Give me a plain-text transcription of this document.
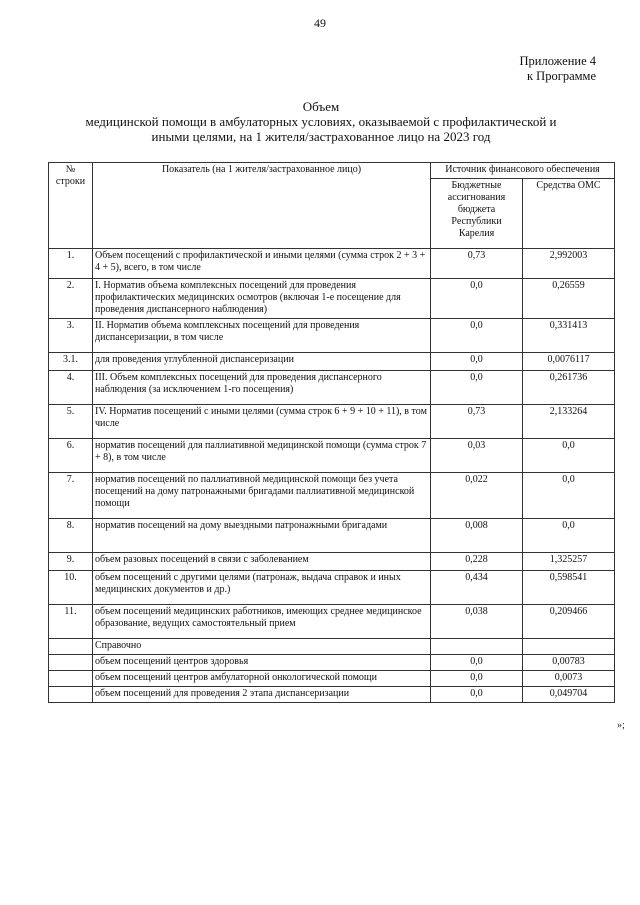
49
Приложение 4
к Программе
Объем
медицинской помощи в амбулаторных условиях, оказываемой с профилактической и
иными целями, на 1 жителя/застрахованное лицо на 2023 год
№ строки	Показатель (на 1 жителя/застрахованное лицо)	Источник финансового обеспечения	
		Бюджетные ассигнования бюджета Республики Карелия	Средства ОМС
1.	Объем посещений с профилактической и иными целями (сумма строк 2 + 3 + 4 + 5), всего, в том числе	0,73	2,992003
2.	I. Норматив объема комплексных посещений для проведения профилактических медицинских осмотров (включая 1-е посещение для проведения диспансерного наблюдения)	0,0	0,26559
3.	II. Норматив объема комплексных посещений для проведения диспансеризации, в том числе	0,0	0,331413
3.1.	для проведения углубленной диспансеризации	0,0	0,0076117
4.	III. Объем комплексных посещений для проведения диспансерного наблюдения (за исключением 1-го посещения)	0,0	0,261736
5.	IV. Норматив посещений с иными целями (сумма строк 6 + 9 + 10 + 11), в том числе	0,73	2,133264
6.	норматив посещений для паллиативной медицинской помощи (сумма строк 7 + 8), в том числе	0,03	0,0
7.	норматив посещений по паллиативной медицинской помощи без учета посещений на дому патронажными бригадами паллиативной медицинской помощи	0,022	0,0
8.	норматив посещений на дому выездными патронажными бригадами	0,008	0,0
9.	объем разовых посещений в связи с заболеванием	0,228	1,325257
10.	объем посещений с другими целями (патронаж, выдача справок и иных медицинских документов и др.)	0,434	0,598541
11.	объем посещений медицинских работников, имеющих среднее медицинское образование, ведущих самостоятельный прием	0,038	0,209466
	Справочно		
	объем посещений центров здоровья	0,0	0,00783
	объем посещений центров амбулаторной онкологической помощи	0,0	0,0073
	объем посещений для проведения 2 этапа диспансеризации	0,0	0,049704
»;
